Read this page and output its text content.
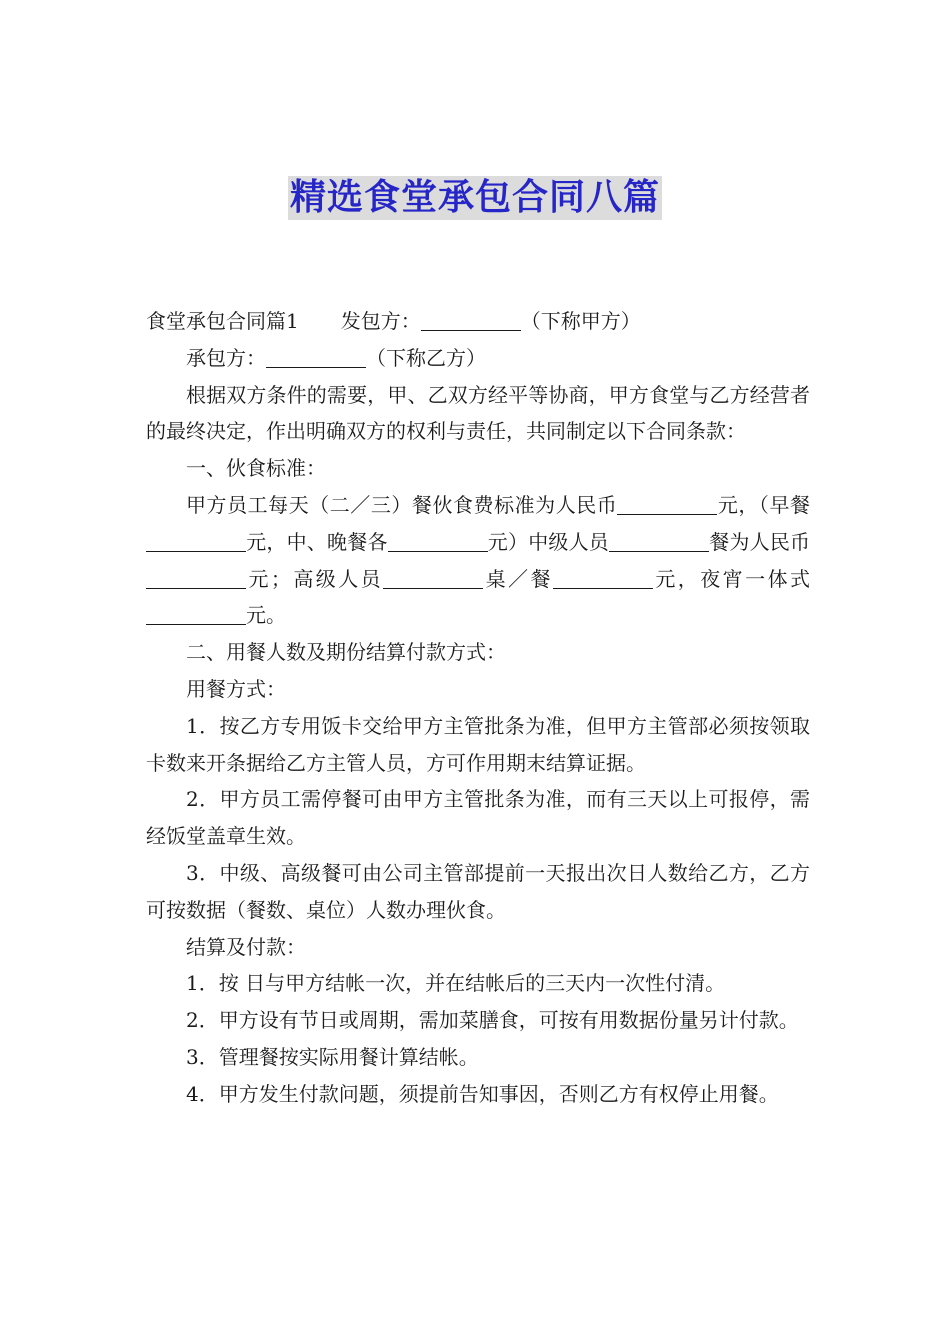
精选食堂承包合同八篇

食堂承包合同篇1 发包方：	（下称甲方）

承包方：	（下称乙方）

根据双方条件的需要，甲、乙双方经平等协商，甲方食堂与乙方经营者的最终决定，作出明确双方的权利与责任，共同制定以下合同条款：

一、伙食标准：

甲方员工每天（二／三）餐伙食费标准为人民币	元，（早餐元，中、晚餐各	元）中级人员	餐为人民币元；高级人员	桌／餐	元，夜宵一体式元。

二、用餐人数及期份结算付款方式：

用餐方式：

1．按乙方专用饭卡交给甲方主管批条为准，但甲方主管部必须按领取卡数来开条据给乙方主管人员，方可作用期末结算证据。

2．甲方员工需停餐可由甲方主管批条为准，而有三天以上可报停，需经饭堂盖章生效。

3．中级、高级餐可由公司主管部提前一天报出次日人数给乙方，乙方可按数据（餐数、桌位）人数办理伙食。

结算及付款：

1．按 日与甲方结帐一次，并在结帐后的三天内一次性付清。

2．甲方设有节日或周期，需加菜膳食，可按有用数据份量另计付款。

3．管理餐按实际用餐计算结帐。

4．甲方发生付款问题，须提前告知事因，否则乙方有权停止用餐。
